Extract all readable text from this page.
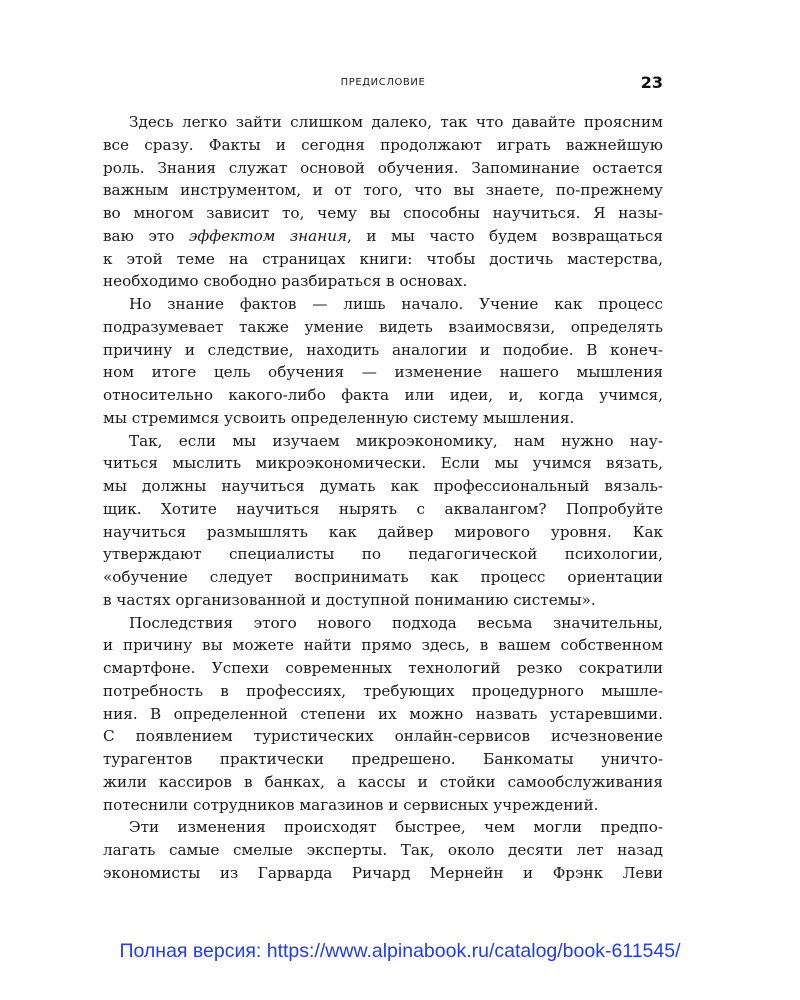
ПРЕДИСЛОВИЕ	23
Здесь легко зайти слишком далеко, так что давайте проясним
все сразу. Факты и сегодня продолжают играть важнейшую
роль. Знания служат основой обучения. Запоминание остается
важным инструментом, и от того, что вы знаете, по-прежнему
во многом зависит то, чему вы способны научиться. Я назы-
ваю это эффектом знания, и мы часто будем возвращаться
к этой теме на страницах книги: чтобы достичь мастерства,
необходимо свободно разбираться в основах.
Но знание фактов — лишь начало. Учение как процесс
подразумевает также умение видеть взаимосвязи, определять
причину и следствие, находить аналогии и подобие. В конеч-
ном итоге цель обучения — изменение нашего мышления
относительно какого-либо факта или идеи, и, когда учимся,
мы стремимся усвоить определенную систему мышления.
Так, если мы изучаем микроэкономику, нам нужно нау-
читься мыслить микроэкономически. Если мы учимся вязать,
мы должны научиться думать как профессиональный вязаль-
щик. Хотите научиться нырять с аквалангом? Попробуйте
научиться размышлять как дайвер мирового уровня. Как
утверждают специалисты по педагогической психологии,
«обучение следует воспринимать как процесс ориентации
в частях организованной и доступной пониманию системы».
Последствия этого нового подхода весьма значительны,
и причину вы можете найти прямо здесь, в вашем собственном
смартфоне. Успехи современных технологий резко сократили
потребность в профессиях, требующих процедурного мышле-
ния. В определенной степени их можно назвать устаревшими.
С появлением туристических онлайн-сервисов исчезновение
турагентов практически предрешено. Банкоматы уничто-
жили кассиров в банках, а кассы и стойки самообслуживания
потеснили сотрудников магазинов и сервисных учреждений.
Эти изменения происходят быстрее, чем могли предпо-
лагать самые смелые эксперты. Так, около десяти лет назад
экономисты из Гарварда Ричард Мернейн и Фрэнк Леви
Полная версия: https://www.alpinabook.ru/catalog/book-611545/
